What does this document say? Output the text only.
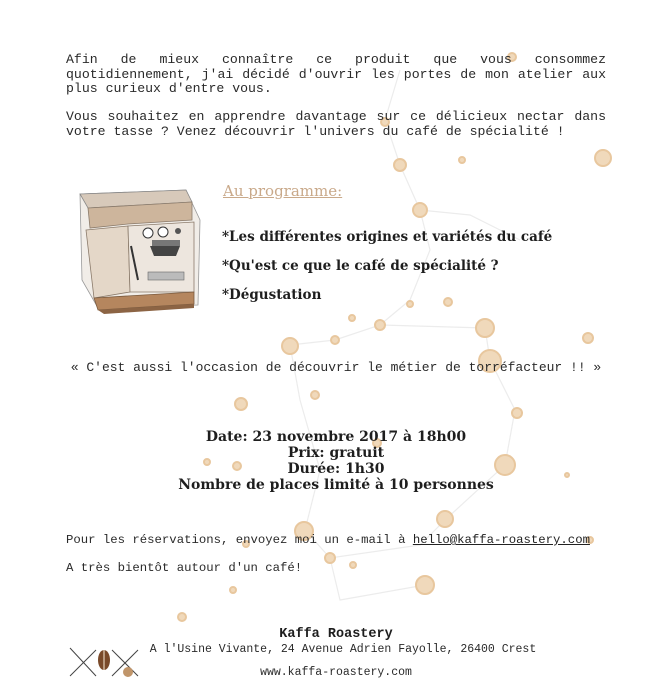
Afin de mieux connaître ce produit que vous consommez quotidiennement, j'ai décidé d'ouvrir les portes de mon atelier aux plus curieux d'entre vous.
Vous souhaitez en apprendre davantage sur ce délicieux nectar dans votre tasse ? Venez découvrir l'univers du café de spécialité !
Au programme:
*Les différentes origines et variétés du café
*Qu'est ce que le café de spécialité ?
*Dégustation
« C'est aussi l'occasion de découvrir le métier de torréfacteur !! »
Date: 23 novembre 2017 à 18h00
Prix: gratuit
Durée: 1h30
Nombre de places limité à 10 personnes
Pour les réservations, envoyez moi un e-mail à hello@kaffa-roastery.com
A très bientôt autour d'un café!
Kaffa Roastery
A l'Usine Vivante, 24 Avenue Adrien Fayolle, 26400 Crest
www.kaffa-roastery.com
